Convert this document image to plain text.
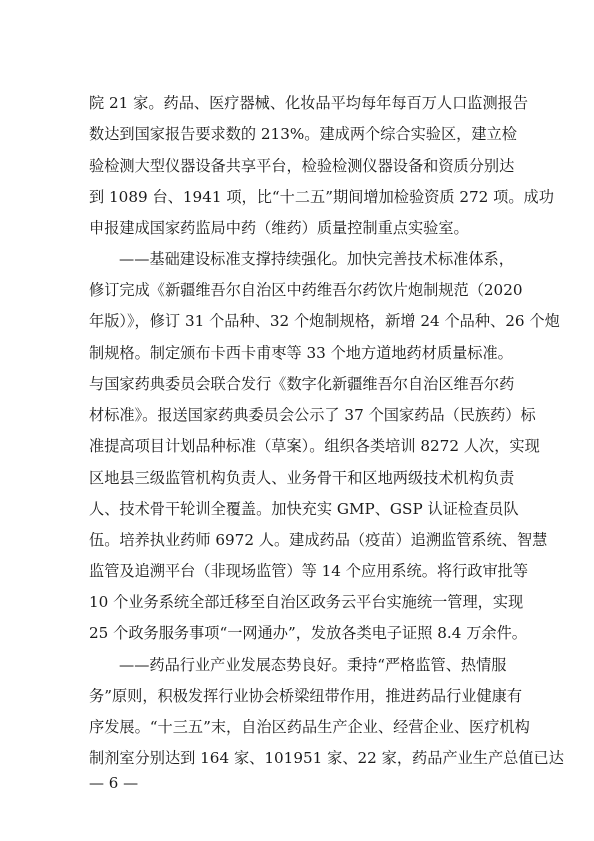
院 21 家。药品、医疗器械、化妆品平均每年每百万人口监测报告
数达到国家报告要求数的 213%。建成两个综合实验区，建立检
验检测大型仪器设备共享平台，检验检测仪器设备和资质分别达
到 1089 台、1941 项，比“十二五”期间增加检验资质 272 项。成功
申报建成国家药监局中药（维药）质量控制重点实验室。
——基础建设标准支撑持续强化。加快完善技术标准体系，
修订完成《新疆维吾尔自治区中药维吾尔药饮片炮制规范（2020
年版）》，修订 31 个品种、32 个炮制规格，新增 24 个品种、26 个炮
制规格。制定颁布卡西卡甫枣等 33 个地方道地药材质量标准。
与国家药典委员会联合发行《数字化新疆维吾尔自治区维吾尔药
材标准》。报送国家药典委员会公示了 37 个国家药品（民族药）标
准提高项目计划品种标准（草案）。组织各类培训 8272 人次，实现
区地县三级监管机构负责人、业务骨干和区地两级技术机构负责
人、技术骨干轮训全覆盖。加快充实 GMP、GSP 认证检查员队
伍。培养执业药师 6972 人。建成药品（疫苗）追溯监管系统、智慧
监管及追溯平台（非现场监管）等 14 个应用系统。将行政审批等
10 个业务系统全部迁移至自治区政务云平台实施统一管理，实现
25 个政务服务事项“一网通办”，发放各类电子证照 8.4 万余件。
——药品行业产业发展态势良好。秉持“严格监管、热情服
务”原则，积极发挥行业协会桥梁纽带作用，推进药品行业健康有
序发展。“十三五”末，自治区药品生产企业、经营企业、医疗机构
制剂室分别达到 164 家、101951 家、22 家，药品产业生产总值已达
— 6 —
